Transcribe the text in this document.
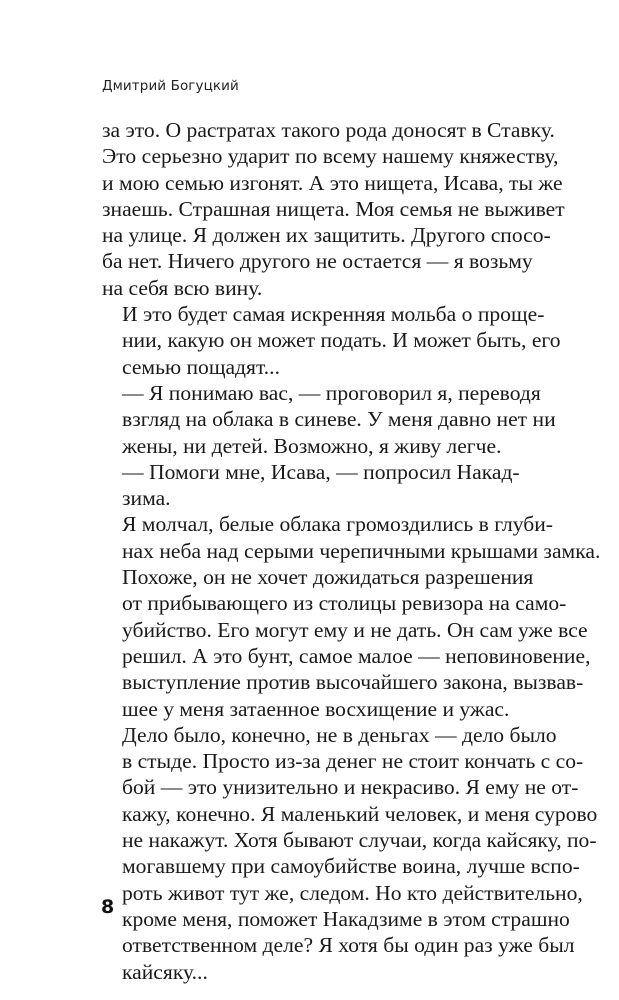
Дмитрий Богуцкий

за это. О растратах такого рода доносят в Ставку.
Это серьезно ударит по всему нашему княжеству,
и мою семью изгонят. А это нищета, Исава, ты же
знаешь. Страшная нищета. Моя семья не выживет
на улице. Я должен их защитить. Другого спосо-
ба нет. Ничего другого не остается — я возьму
на себя всю вину.

И это будет самая искренняя мольба о проще-
нии, какую он может подать. И может быть, его
семью пощадят...

— Я понимаю вас, — проговорил я, переводя
взгляд на облака в синеве. У меня давно нет ни
жены, ни детей. Возможно, я живу легче.

— Помоги мне, Исава, — попросил Накад-
зима.

Я молчал, белые облака громоздились в глуби-
нах неба над серыми черепичными крышами замка.

Похоже, он не хочет дожидаться разрешения
от прибывающего из столицы ревизора на само-
убийство. Его могут ему и не дать. Он сам уже все
решил. А это бунт, самое малое — неповиновение,
выступление против высочайшего закона, вызвав-
шее у меня затаенное восхищение и ужас.

Дело было, конечно, не в деньгах — дело было
в стыде. Просто из-за денег не стоит кончать с со-
бой — это унизительно и некрасиво. Я ему не от-
кажу, конечно. Я маленький человек, и меня сурово
не накажут. Хотя бывают случаи, когда кайсяку, по-
могавшему при самоубийстве воина, лучше вспо-
роть живот тут же, следом. Но кто действительно,
кроме меня, поможет Накадзиме в этом страшно
ответственном деле? Я хотя бы один раз уже был
кайсяку...

8
